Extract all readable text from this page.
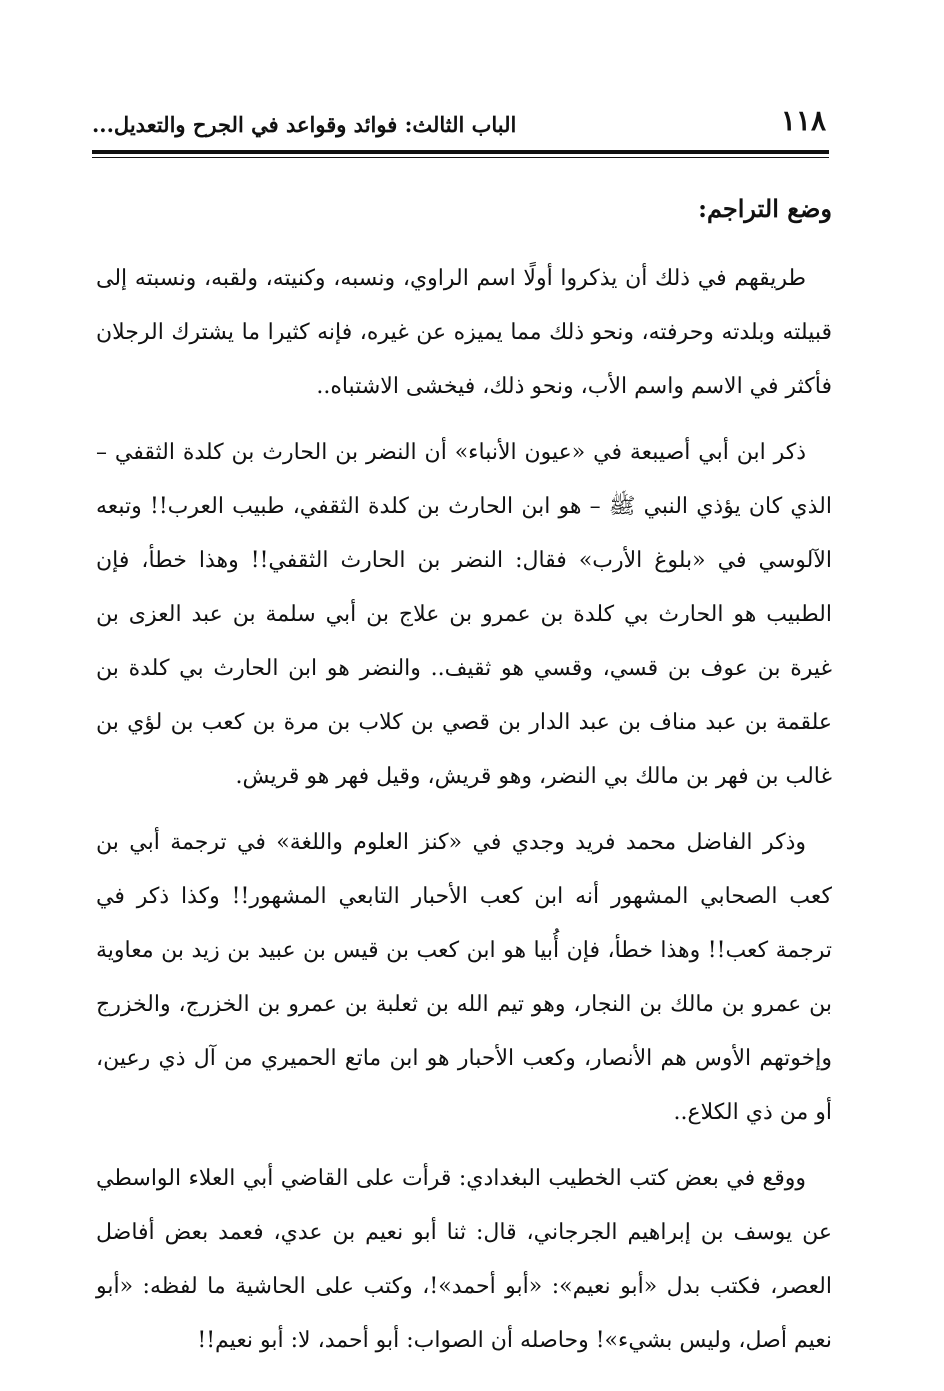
١١٨
الباب الثالث: فوائد وقواعد في الجرح والتعديل...
وضع التراجم:

طريقهم في ذلك أن يذكروا أولًا اسم الراوي، ونسبه، وكنيته، ولقبه، ونسبته إلى قبيلته وبلدته وحرفته، ونحو ذلك مما يميزه عن غيره، فإنه كثيرا ما يشترك الرجلان فأكثر في الاسم واسم الأب، ونحو ذلك، فيخشى الاشتباه..

ذكر ابن أبي أصيبعة في «عيون الأنباء» أن النضر بن الحارث بن كلدة الثقفي – الذي كان يؤذي النبي ﷺ – هو ابن الحارث بن كلدة الثقفي، طبيب العرب!! وتبعه الآلوسي في «بلوغ الأرب» فقال: النضر بن الحارث الثقفي!! وهذا خطأ، فإن الطبيب هو الحارث بي كلدة بن عمرو بن علاج بن أبي سلمة بن عبد العزى بن غيرة بن عوف بن قسي، وقسي هو ثقيف.. والنضر هو ابن الحارث بي كلدة بن علقمة بن عبد مناف بن عبد الدار بن قصي بن كلاب بن مرة بن كعب بن لؤي بن غالب بن فهر بن مالك بي النضر، وهو قريش، وقيل فهر هو قريش.

وذكر الفاضل محمد فريد وجدي في «كنز العلوم واللغة» في ترجمة أبي بن كعب الصحابي المشهور أنه ابن كعب الأحبار التابعي المشهور!! وكذا ذكر في ترجمة كعب!! وهذا خطأ، فإن أُبيا هو ابن كعب بن قيس بن عبيد بن زيد بن معاوية بن عمرو بن مالك بن النجار، وهو تيم الله بن ثعلبة بن عمرو بن الخزرج، والخزرج وإخوتهم الأوس هم الأنصار، وكعب الأحبار هو ابن ماتع الحميري من آل ذي رعين، أو من ذي الكلاع..

ووقع في بعض كتب الخطيب البغدادي: قرأت على القاضي أبي العلاء الواسطي عن يوسف بن إبراهيم الجرجاني، قال: ثنا أبو نعيم بن عدي، فعمد بعض أفاضل العصر، فكتب بدل «أبو نعيم»: «أبو أحمد»!، وكتب على الحاشية ما لفظه: «أبو نعيم أصل، وليس بشيء»! وحاصله أن الصواب: أبو أحمد، لا: أبو نعيم!!
